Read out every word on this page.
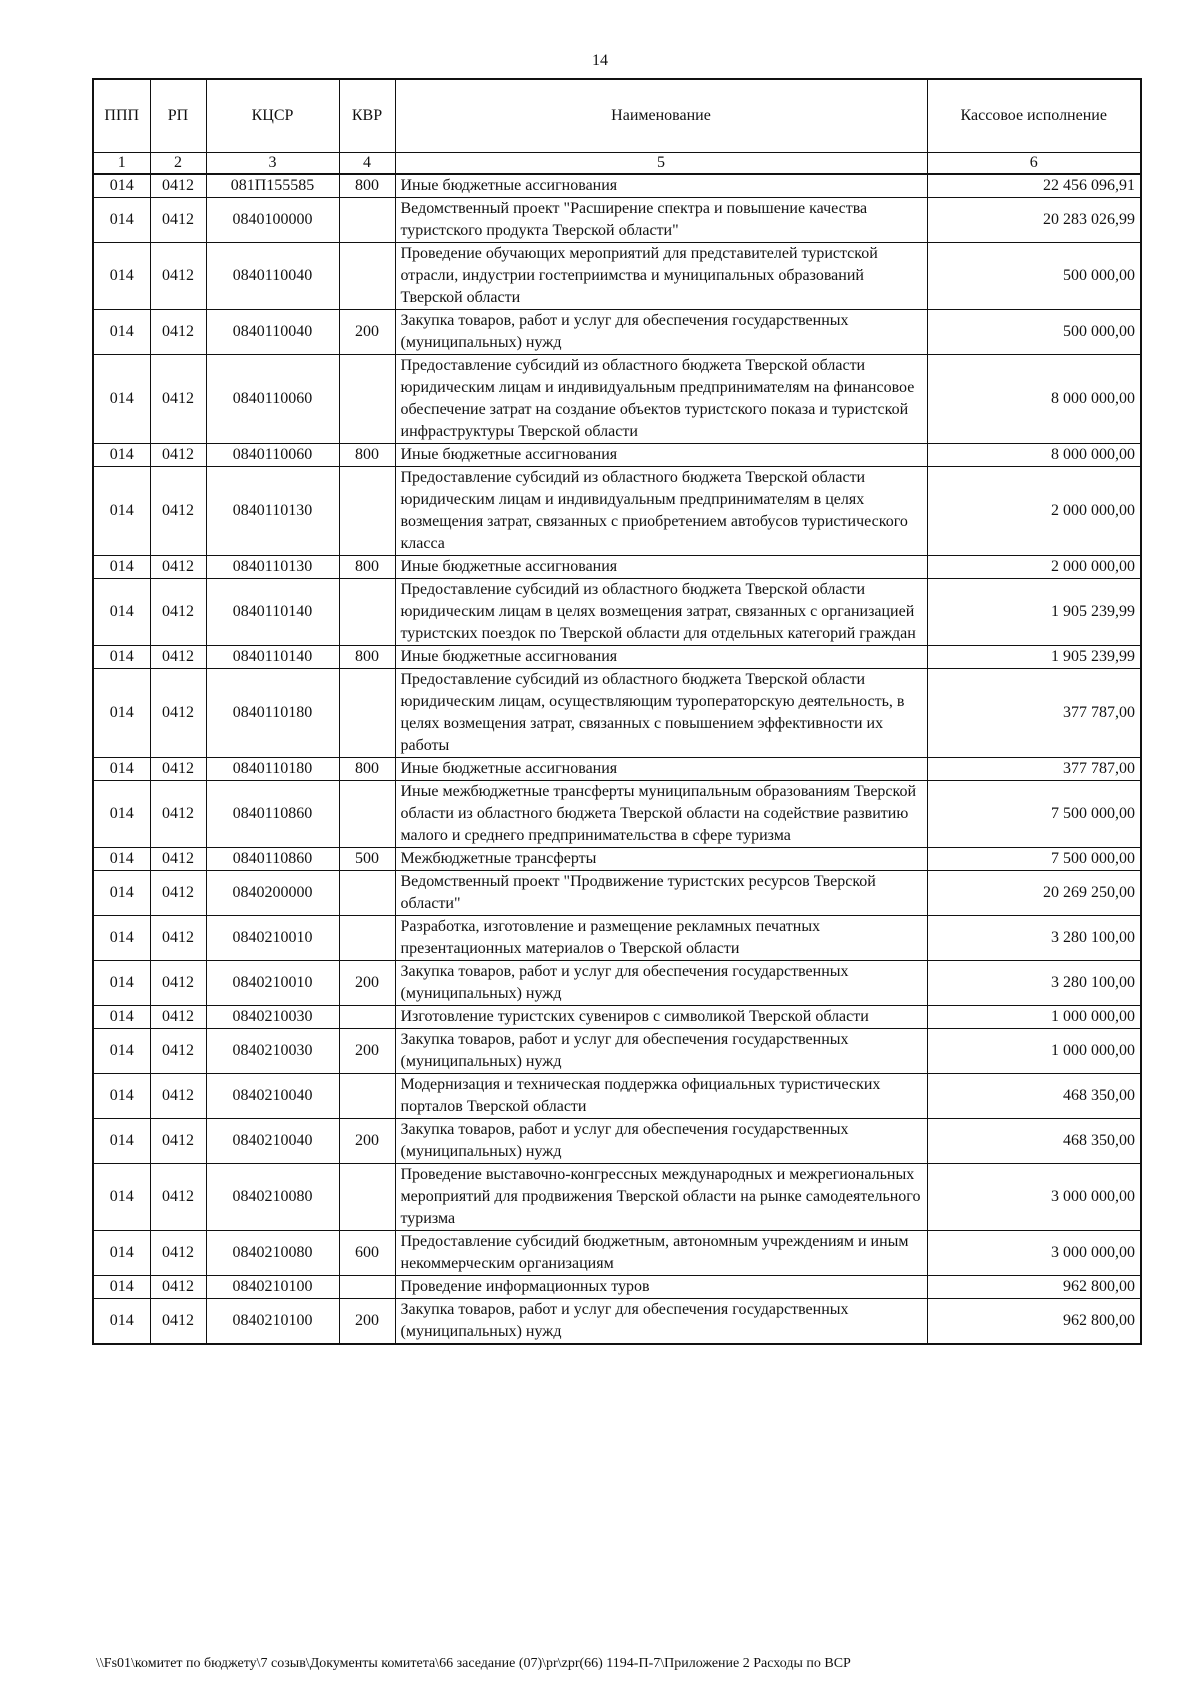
14
ППП	РП	КЦСР	КВР	Наименование	Кассовое исполнение
1	2	3	4	5	6
014	0412	081П155585	800	Иные бюджетные ассигнования	22 456 096,91
014	0412	0840100000		Ведомственный проект "Расширение спектра и повышение качества туристского продукта Тверской области"	20 283 026,99
014	0412	0840110040		Проведение обучающих мероприятий для представителей туристской отрасли, индустрии гостеприимства и муниципальных образований Тверской области	500 000,00
014	0412	0840110040	200	Закупка товаров, работ и услуг для обеспечения государственных (муниципальных) нужд	500 000,00
014	0412	0840110060		Предоставление субсидий из областного бюджета Тверской области юридическим лицам и индивидуальным предпринимателям на финансовое обеспечение затрат на создание объектов туристского показа и туристской инфраструктуры Тверской области	8 000 000,00
014	0412	0840110060	800	Иные бюджетные ассигнования	8 000 000,00
014	0412	0840110130		Предоставление субсидий из областного бюджета Тверской области юридическим лицам и индивидуальным предпринимателям в целях возмещения затрат, связанных с приобретением автобусов туристического класса	2 000 000,00
014	0412	0840110130	800	Иные бюджетные ассигнования	2 000 000,00
014	0412	0840110140		Предоставление субсидий из областного бюджета Тверской области юридическим лицам в целях возмещения затрат, связанных с организацией туристских поездок по Тверской области для отдельных категорий граждан	1 905 239,99
014	0412	0840110140	800	Иные бюджетные ассигнования	1 905 239,99
014	0412	0840110180		Предоставление субсидий из областного бюджета Тверской области юридическим лицам, осуществляющим туроператорскую деятельность, в целях возмещения затрат, связанных с повышением эффективности их работы	377 787,00
014	0412	0840110180	800	Иные бюджетные ассигнования	377 787,00
014	0412	0840110860		Иные межбюджетные трансферты муниципальным образованиям Тверской области из областного бюджета Тверской области на содействие развитию малого и среднего предпринимательства в сфере туризма	7 500 000,00
014	0412	0840110860	500	Межбюджетные трансферты	7 500 000,00
014	0412	0840200000		Ведомственный проект "Продвижение туристских ресурсов Тверской области"	20 269 250,00
014	0412	0840210010		Разработка, изготовление и размещение рекламных печатных презентационных материалов о Тверской области	3 280 100,00
014	0412	0840210010	200	Закупка товаров, работ и услуг для обеспечения государственных (муниципальных) нужд	3 280 100,00
014	0412	0840210030		Изготовление туристских сувениров с символикой Тверской области	1 000 000,00
014	0412	0840210030	200	Закупка товаров, работ и услуг для обеспечения государственных (муниципальных) нужд	1 000 000,00
014	0412	0840210040		Модернизация и техническая поддержка официальных туристических порталов Тверской области	468 350,00
014	0412	0840210040	200	Закупка товаров, работ и услуг для обеспечения государственных (муниципальных) нужд	468 350,00
014	0412	0840210080		Проведение выставочно-конгрессных международных и межрегиональных мероприятий для продвижения Тверской области на рынке самодеятельного туризма	3 000 000,00
014	0412	0840210080	600	Предоставление субсидий бюджетным, автономным учреждениям и иным некоммерческим организациям	3 000 000,00
014	0412	0840210100		Проведение информационных туров	962 800,00
014	0412	0840210100	200	Закупка товаров, работ и услуг для обеспечения государственных (муниципальных) нужд	962 800,00
\\Fs01\комитет по бюджету\7 созыв\Документы комитета\66 заседание (07)\pr\zpr(66) 1194-П-7\Приложение 2 Расходы по ВСР
